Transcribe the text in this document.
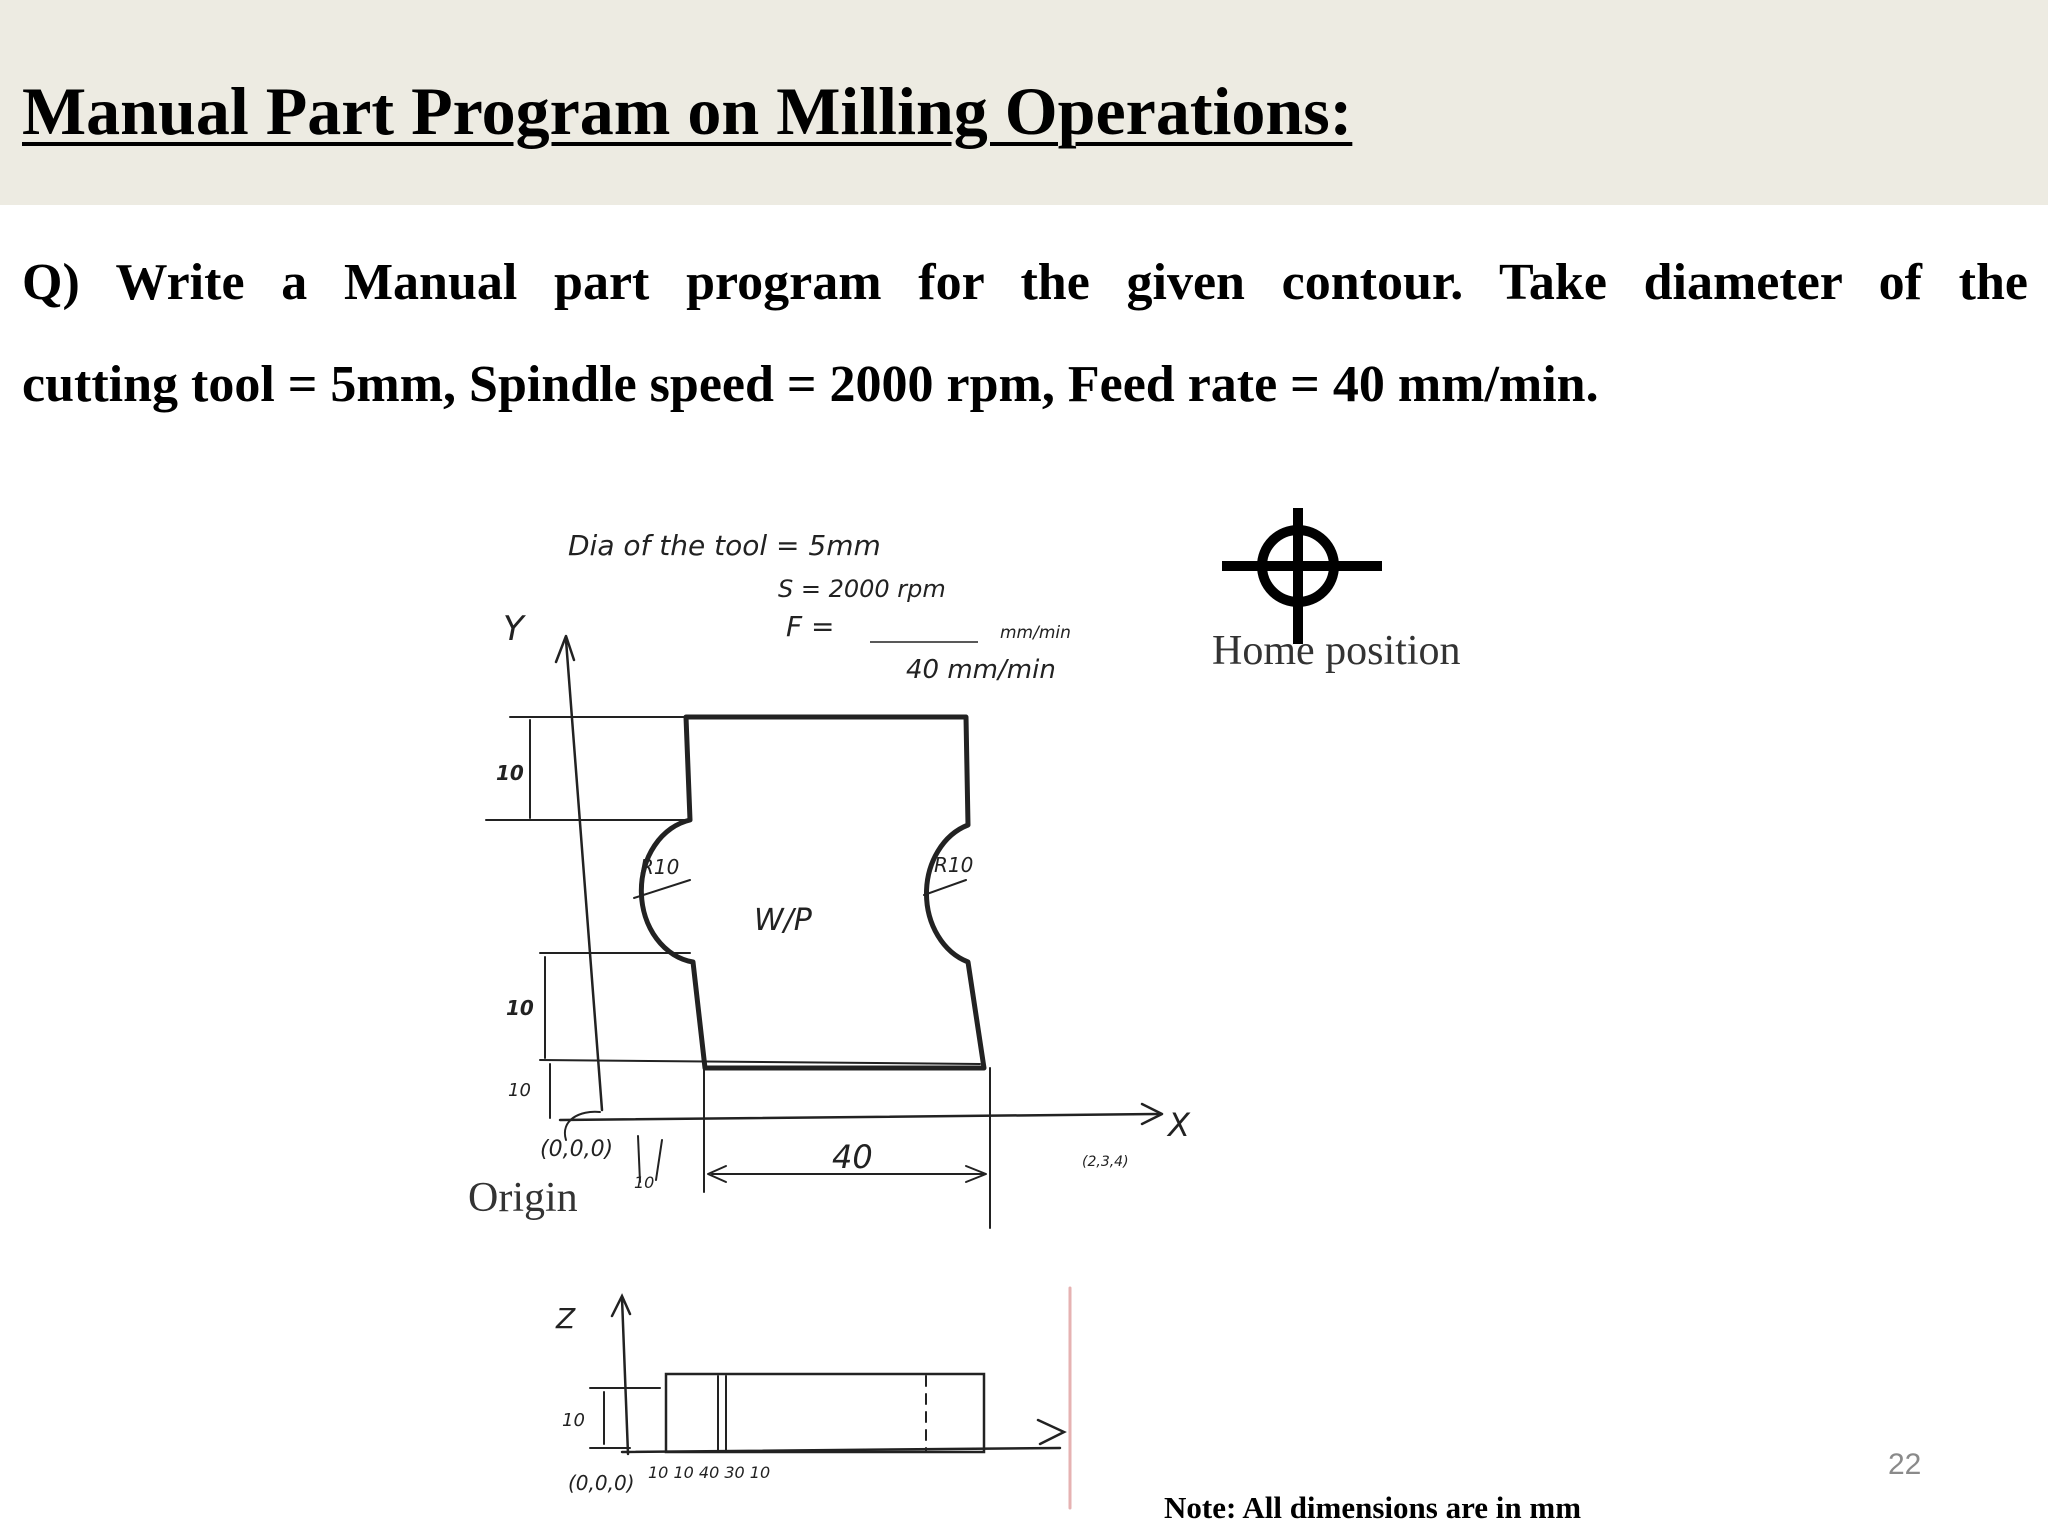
Manual Part Program on Milling Operations:

Q) Write a Manual part program for the given contour. Take diameter of the
cutting tool = 5mm, Spindle speed = 2000 rpm, Feed rate = 40 mm/min.

Dia of the tool = 5mm
S = 2000 rpm
F =	mm/min
40 mm/min
Y
X
10
10
10
40
R10	R10
W/P
(0,0,0)
10
(2,3,4)
Z
10
(0,0,0) 10 10 40 30 10
Home position
Origin
Note: All dimensions are in mm
22
